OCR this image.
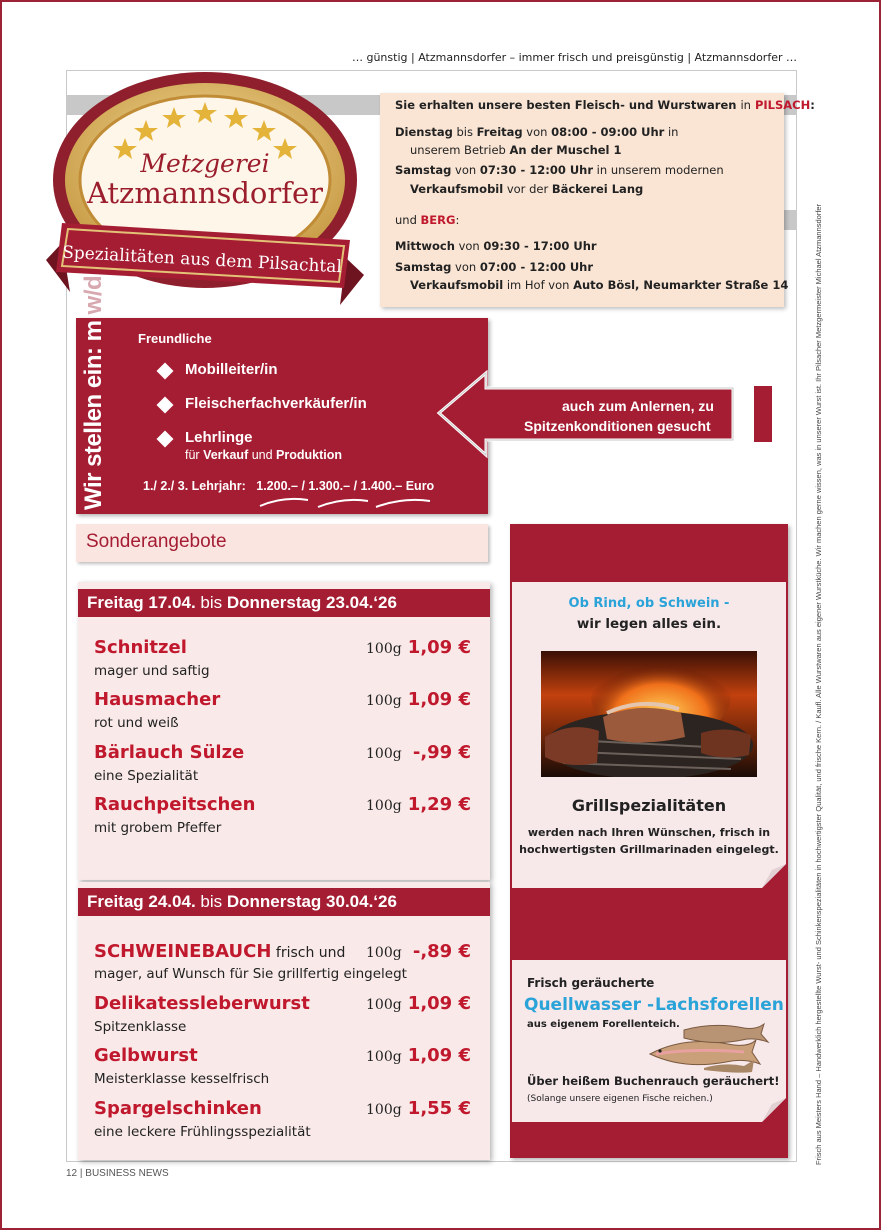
… günstig | Atzmannsdorfer – immer frisch und preisgünstig | Atzmannsdorfer …
Frisch aus Meisters Hand – Handwerklich hergestellte Wurst- und Schinkenspezialitäten in hochwertigster Qualität, und frische Kern. / Kaufl. Alle Wurstwaren aus eigener Wurstküche. Wir machen gerne wissen, was in unserer Wurst ist. Ihr Pilsacher Metzgermeister Michael Atzmannsdorfer
Sie erhalten unsere besten Fleisch- und Wurstwaren in PILSACH:
Dienstag bis Freitag von 08:00 - 09:00 Uhr in
unserem Betrieb An der Muschel 1
Samstag von 07:30 - 12:00 Uhr in unserem modernen
Verkaufsmobil vor der Bäckerei Lang
und BERG:
Mittwoch von 09:30 - 17:00 Uhr
Samstag von 07:00 - 12:00 Uhr
Verkaufsmobil im Hof von Auto Bösl, Neumarkter Straße 14
Metzgerei
Atzmannsdorfer
Spezialitäten aus dem Pilsachtal
Wir stellen ein: m w/d
Freundliche
Mobilleiter/in
Fleischerfachverkäufer/in
Lehrlinge
für Verkauf und Produktion
1./ 2./ 3. Lehrjahr: 1.200.– / 1.300.– / 1.400.– Euro
auch zum Anlernen, zu
Spitzenkonditionen gesucht
Sonderangebote
Freitag 17.04. bis Donnerstag 23.04.‘26
Schnitzel
mager und saftig
100g 1,09 €
Hausmacher
rot und weiß
100g 1,09 €
Bärlauch Sülze
eine Spezialität
100g -,99 €
Rauchpeitschen
mit grobem Pfeffer
100g 1,29 €
Freitag 24.04. bis Donnerstag 30.04.‘26
SCHWEINEBAUCH frisch und
mager, auf Wunsch für Sie grillfertig eingelegt
100g -,89 €
Delikatessleberwurst
Spitzenklasse
100g 1,09 €
Gelbwurst
Meisterklasse kesselfrisch
100g 1,09 €
Spargelschinken
eine leckere Frühlingsspezialität
100g 1,55 €
Ob Rind, ob Schwein -
wir legen alles ein.
Grillspezialitäten
werden nach Ihren Wünschen, frisch in
hochwertigsten Grillmarinaden eingelegt.
Frisch geräucherte
Quellwasser - Lachsforellen
aus eigenem Forellenteich.
Über heißem Buchenrauch geräuchert!
(Solange unsere eigenen Fische reichen.)
12 | BUSINESS NEWS
